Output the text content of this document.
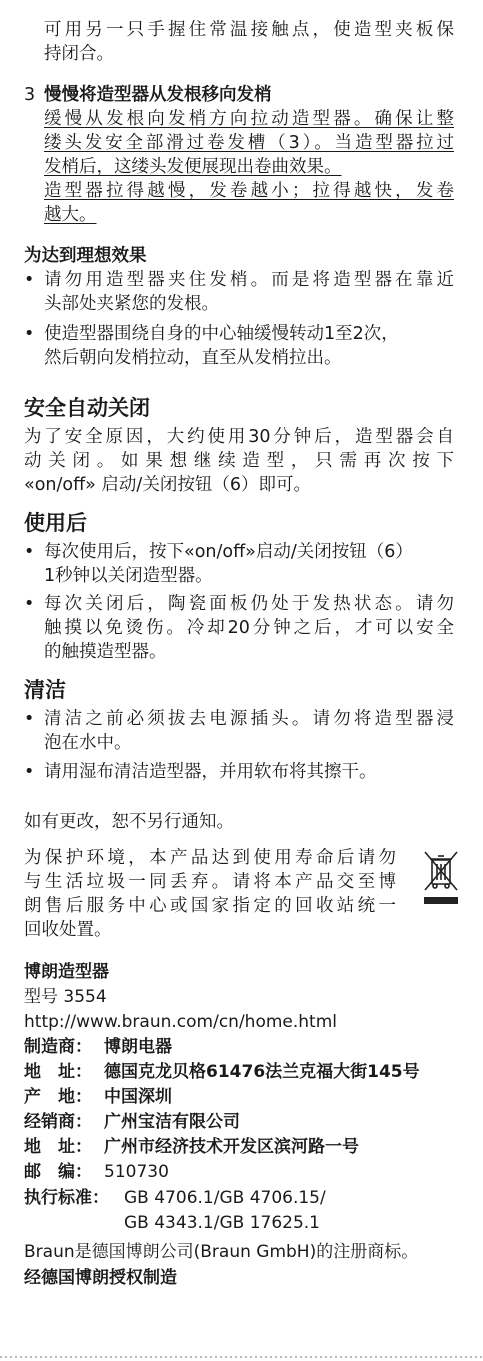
可用另一只手握住常温接触点，使造型夹板保
持闭合。
3 慢慢将造型器从发根移向发梢
缓慢从发根向发梢方向拉动造型器。确保让整
缕头发安全部滑过卷发槽（3）。当造型器拉过
发梢后，这缕头发便展现出卷曲效果。
造型器拉得越慢，发卷越小；拉得越快，发卷
越大。
为达到理想效果
• 请勿用造型器夹住发梢。而是将造型器在靠近
头部处夹紧您的发根。
• 使造型器围绕自身的中心轴缓慢转动1至2次，
然后朝向发梢拉动，直至从发梢拉出。
安全自动关闭
为了安全原因，大约使用30分钟后，造型器会自
动关闭。如果想继续造型，只需再次按下
«on/off» 启动/关闭按钮（6）即可。
使用后
• 每次使用后，按下«on/off»启动/关闭按钮（6）
1秒钟以关闭造型器。
• 每次关闭后，陶瓷面板仍处于发热状态。请勿
触摸以免烫伤。冷却20分钟之后，才可以安全
的触摸造型器。
清洁
• 清洁之前必须拔去电源插头。请勿将造型器浸
泡在水中。
• 请用湿布清洁造型器，并用软布将其擦干。
如有更改，恕不另行通知。
为保护环境，本产品达到使用寿命后请勿
与生活垃圾一同丢弃。请将本产品交至博
朗售后服务中心或国家指定的回收站统一
回收处置。
博朗造型器
型号 3554
http://www.braun.com/cn/home.html
制造商： 博朗电器
地　址： 德国克龙贝格61476法兰克福大街145号
产　地： 中国深圳
经销商： 广州宝洁有限公司
地　址： 广州市经济技术开发区滨河路一号
邮　编： 510730
执行标准： GB 4706.1/GB 4706.15/
GB 4343.1/GB 17625.1
Braun是德国博朗公司(Braun GmbH)的注册商标。
经德国博朗授权制造
